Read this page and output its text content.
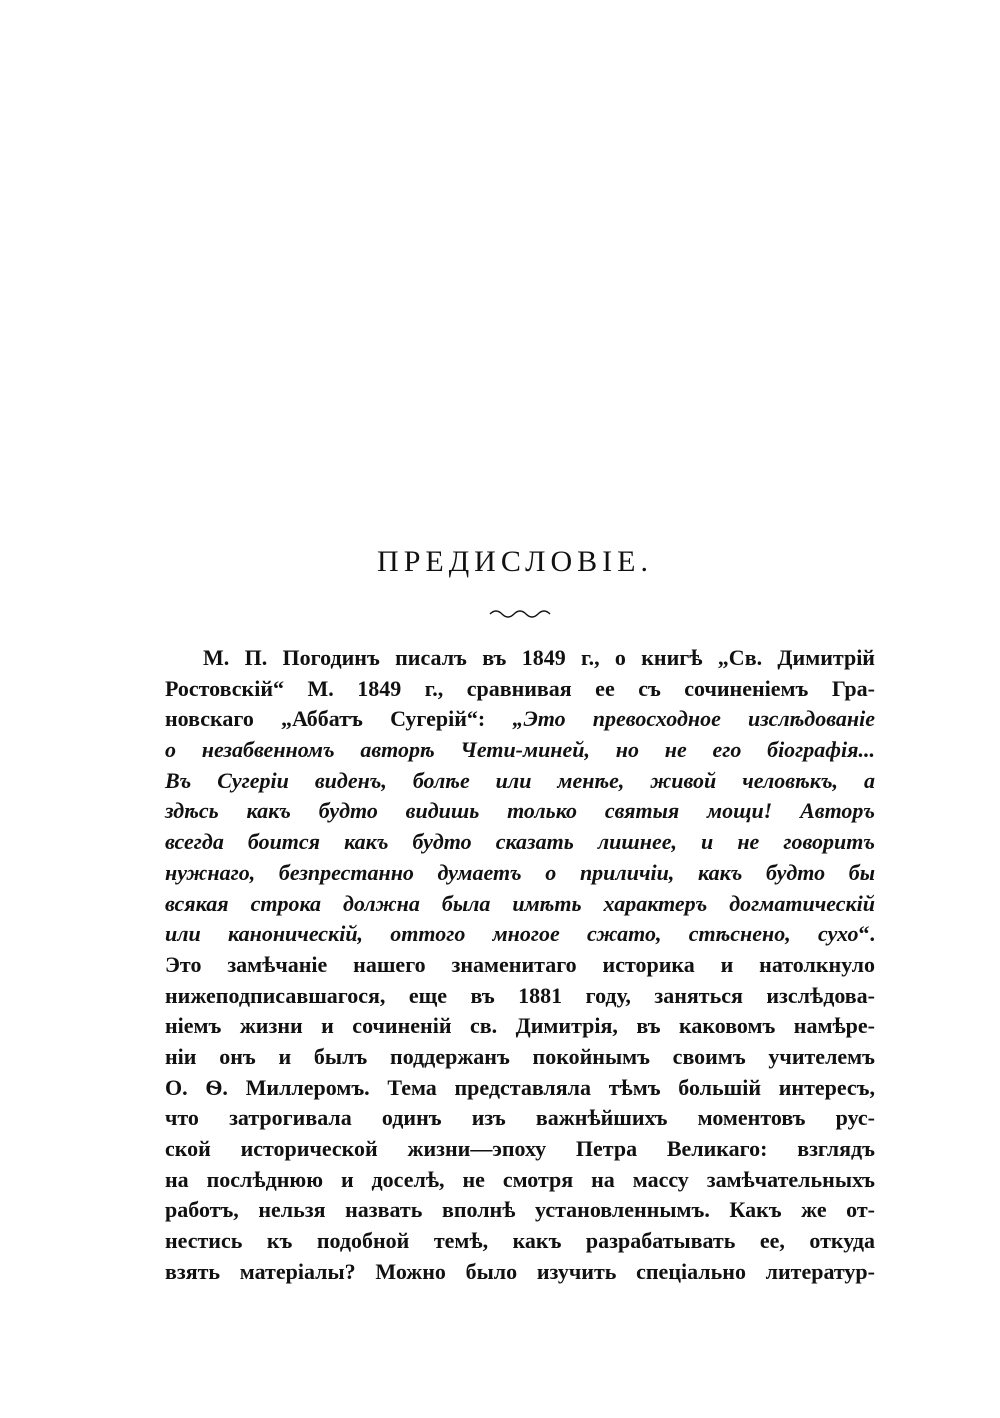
ПРЕДИСЛОВІЕ.
М. П. Погодинъ писалъ въ 1849 г., о книгѣ „Св. Димитрій
Ростовскій“ М. 1849 г., сравнивая ее съ сочиненіемъ Гра-
новскаго „Аббатъ Сугерій“: „Это превосходное изслѣдованіе
о незабвенномъ авторѣ Чети-миней, но не его біографія...
Въ Сугеріи виденъ, болѣе или менѣе, живой человѣкъ, а
здѣсь какъ будто видишь только святыя мощи! Авторъ
всегда боится какъ будто сказать лишнее, и не говоритъ
нужнаго, безпрестанно думаетъ о приличіи, какъ будто бы
всякая строка должна была имѣть характеръ догматическій
или каноническій, оттого многое сжато, стѣснено, сухо“.
Это замѣчаніе нашего знаменитаго историка и натолкнуло
нижеподписавшагося, еще въ 1881 году, заняться изслѣдова-
ніемъ жизни и сочиненій св. Димитрія, въ каковомъ намѣре-
ніи онъ и былъ поддержанъ покойнымъ своимъ учителемъ
О. Ѳ. Миллеромъ. Тема представляла тѣмъ большій интересъ,
что затрогивала одинъ изъ важнѣйшихъ моментовъ рус-
ской исторической жизни—эпоху Петра Великаго: взглядъ
на послѣднюю и доселѣ, не смотря на массу замѣчательныхъ
работъ, нельзя назвать вполнѣ установленнымъ. Какъ же от-
нестись къ подобной темѣ, какъ разрабатывать ее, откуда
взять матеріалы? Можно было изучить спеціально литератур-
